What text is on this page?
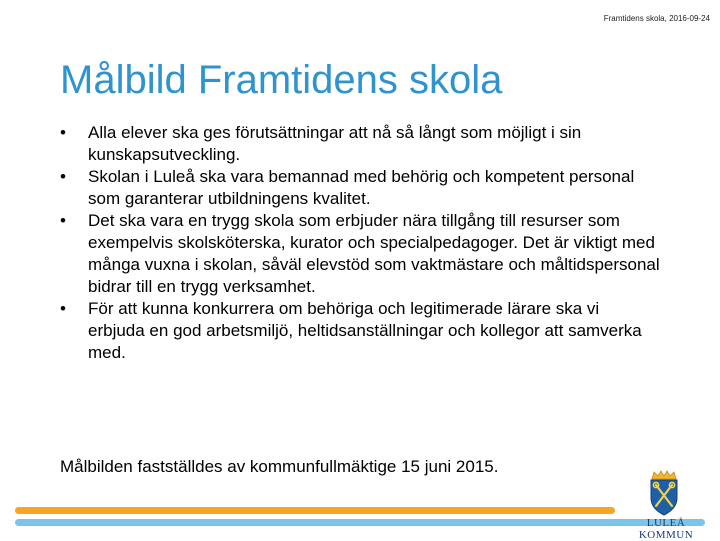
Framtidens skola, 2016-09-24
Målbild Framtidens skola
• Alla elever ska ges förutsättningar att nå så långt som möjligt i sin kunskapsutveckling.
• Skolan i Luleå ska vara bemannad med behörig och kompetent personal som garanterar utbildningens kvalitet.
• Det ska vara en trygg skola som erbjuder nära tillgång till resurser som exempelvis skolsköterska, kurator och specialpedagoger. Det är viktigt med många vuxna i skolan, såväl elevstöd som vaktmästare och måltidspersonal bidrar till en trygg verksamhet.
• För att kunna konkurrera om behöriga och legitimerade lärare ska vi erbjuda en god arbetsmiljö, heltidsanställningar och kollegor att samverka med.

Målbilden fastställdes av kommunfullmäktige 15 juni 2015.

LULEÅ KOMMUN
